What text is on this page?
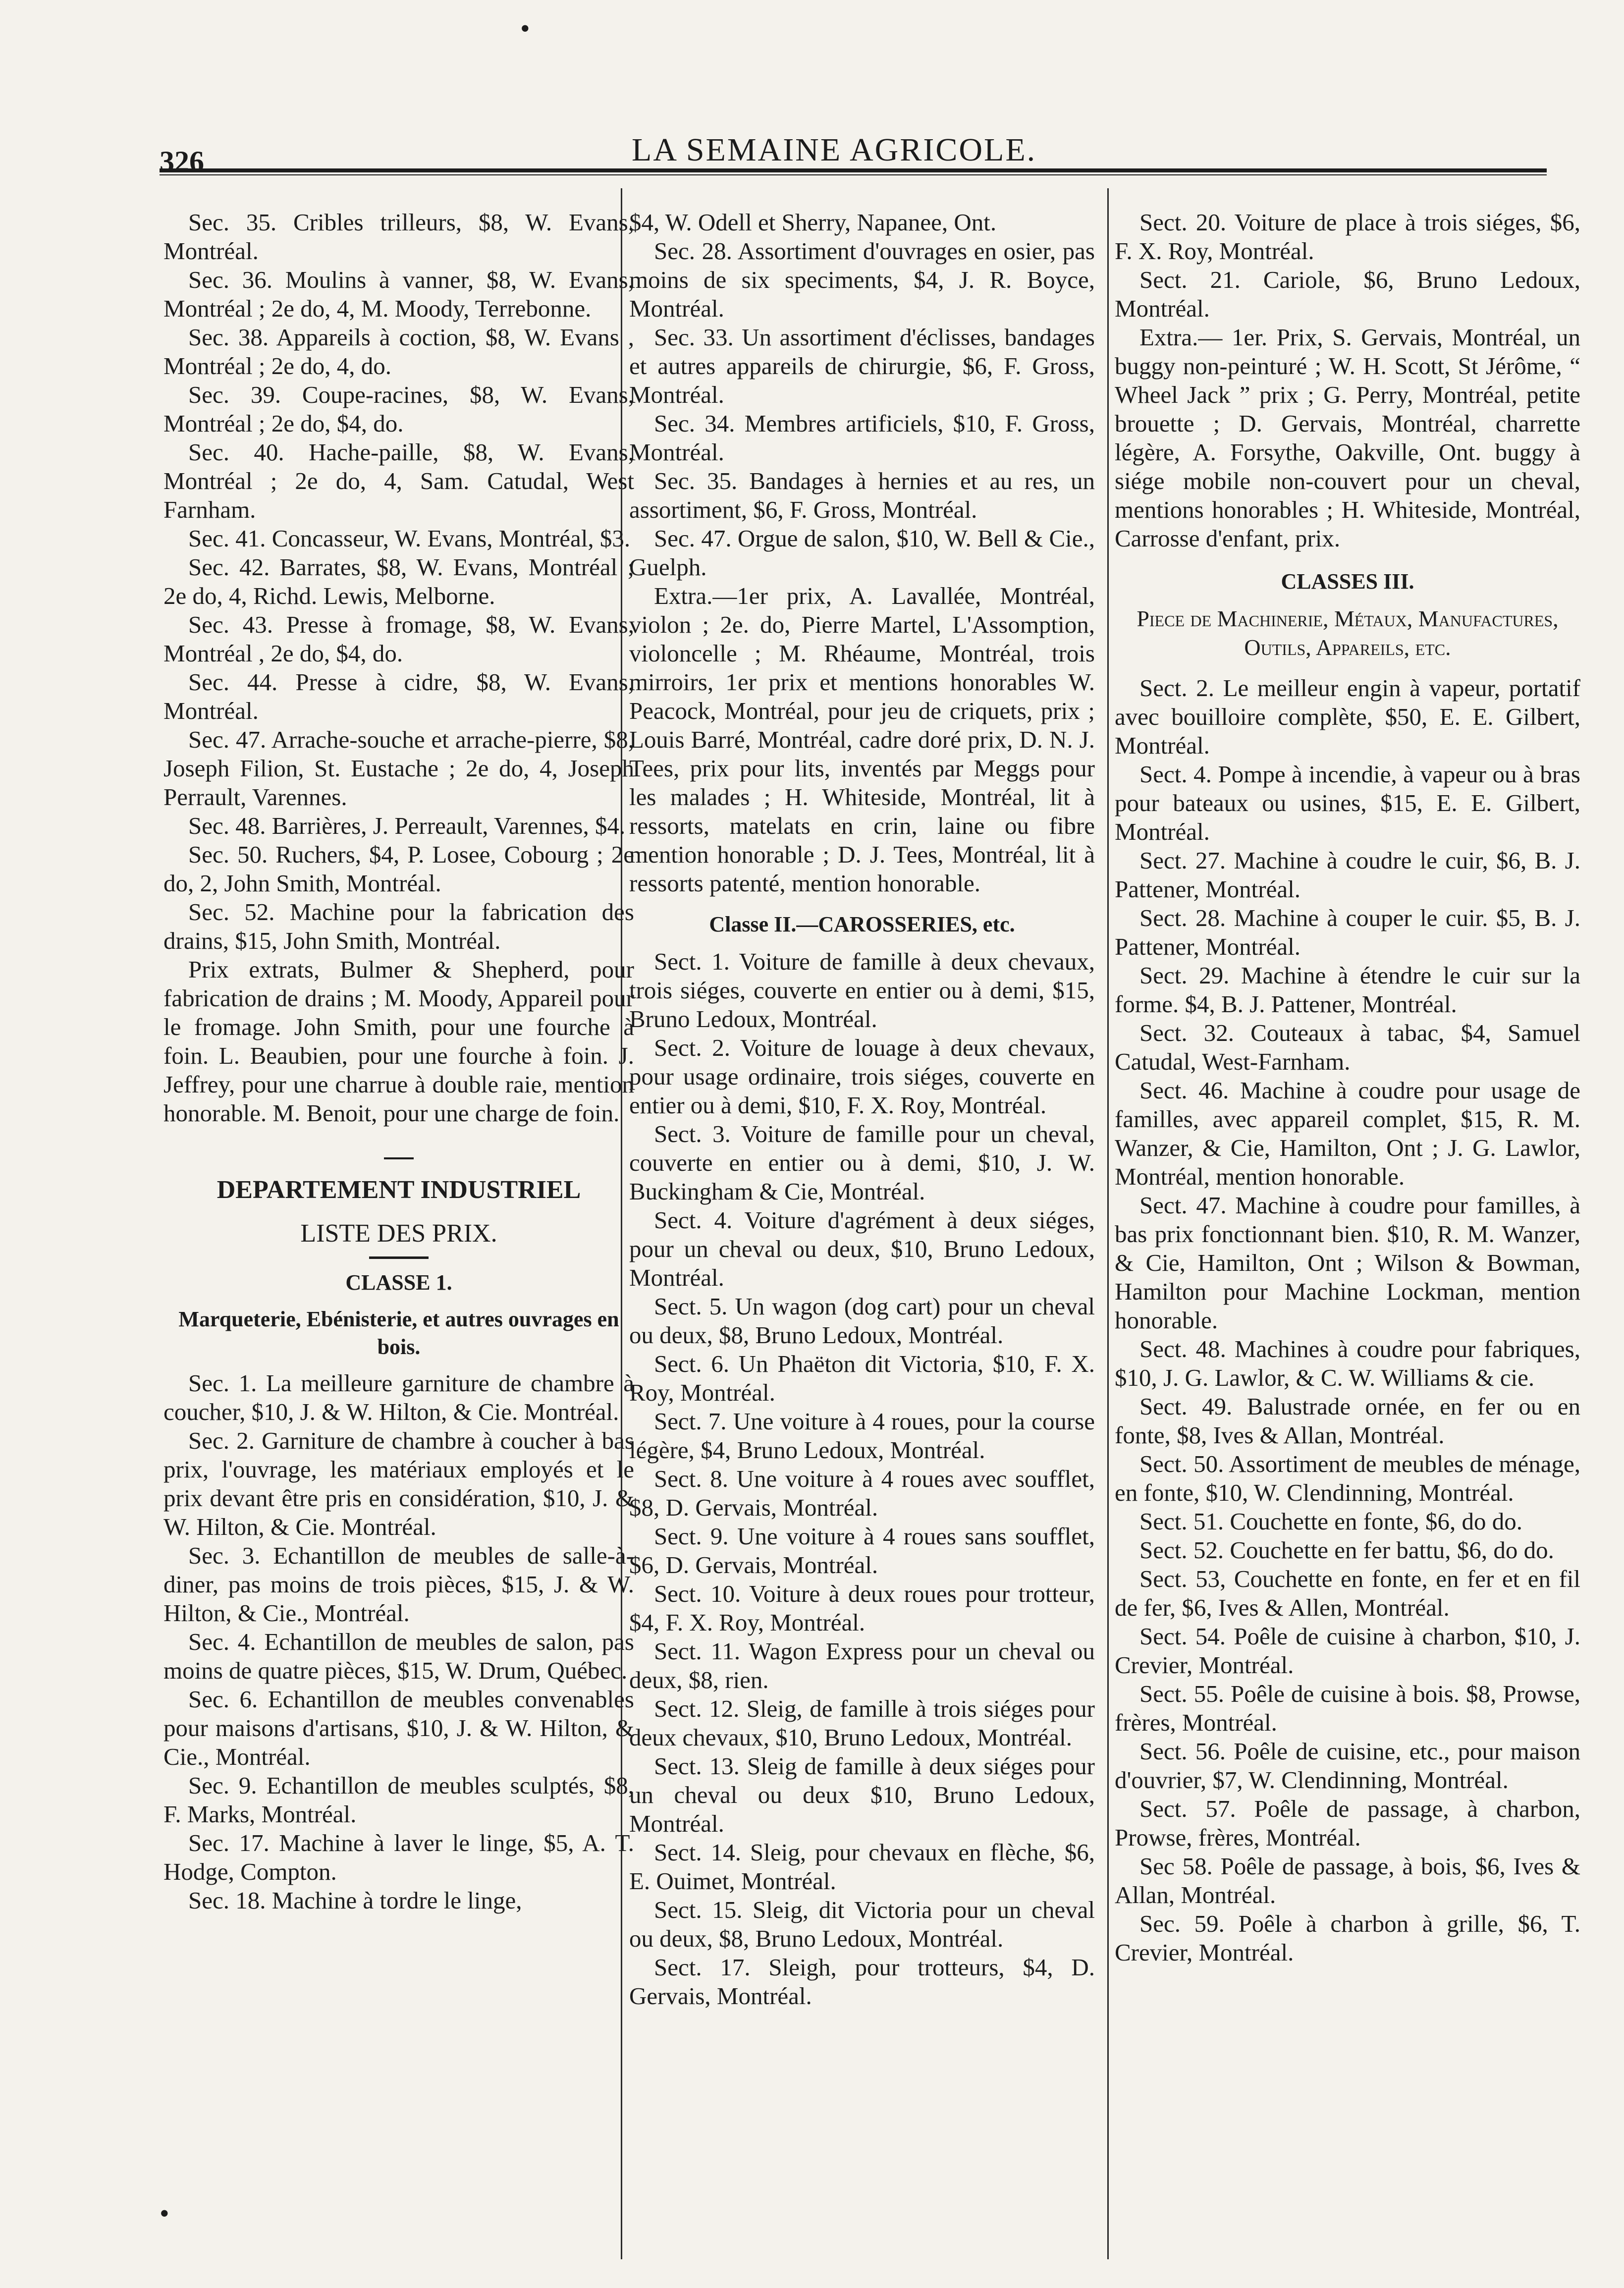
326	LA SEMAINE AGRICOLE.
•
•

Sec. 35. Cribles trilleurs, $8, W. Evans, Montréal.

Sec. 36. Moulins à vanner, $8, W. Evans, Montréal ; 2e do, 4, M. Moody, Terrebonne.

Sec. 38. Appareils à coction, $8, W. Evans , Montréal ; 2e do, 4, do.

Sec. 39. Coupe-racines, $8, W. Evans, Montréal ; 2e do, $4, do.

Sec. 40. Hache-paille, $8, W. Evans, Montréal ; 2e do, 4, Sam. Catudal, West Farnham.

Sec. 41. Concasseur, W. Evans, Montréal, $3.

Sec. 42. Barrates, $8, W. Evans, Montréal ; 2e do, 4, Richd. Lewis, Melborne.

Sec. 43. Presse à fromage, $8, W. Evans, Montréal , 2e do, $4, do.

Sec. 44. Presse à cidre, $8, W. Evans, Montréal.

Sec. 47. Arrache-souche et arrache-pierre, $8, Joseph Filion, St. Eustache ; 2e do, 4, Joseph Perrault, Varennes.

Sec. 48. Barrières, J. Perreault, Varennes, $4.

Sec. 50. Ruchers, $4, P. Losee, Cobourg ; 2e do, 2, John Smith, Montréal.

Sec. 52. Machine pour la fabrication des drains, $15, John Smith, Montréal.

Prix extrats, Bulmer & Shepherd, pour fabrication de drains ; M. Moody, Appareil pour le fromage. John Smith, pour une fourche à foin. L. Beaubien, pour une fourche à foin. J. Jeffrey, pour une charrue à double raie, mention honorable. M. Benoit, pour une charge de foin.

DEPARTEMENT INDUSTRIEL

LISTE DES PRIX.

CLASSE 1.

Marqueterie, Ebénisterie, et autres ouvrages en bois.

Sec. 1. La meilleure garniture de chambre à coucher, $10, J. & W. Hilton, & Cie. Montréal.

Sec. 2. Garniture de chambre à coucher à bas prix, l'ouvrage, les matériaux employés et le prix devant être pris en considération, $10, J. & W. Hilton, & Cie. Montréal.

Sec. 3. Echantillon de meubles de salle-à-diner, pas moins de trois pièces, $15, J. & W. Hilton, & Cie., Montréal.

Sec. 4. Echantillon de meubles de salon, pas moins de quatre pièces, $15, W. Drum, Québec.

Sec. 6. Echantillon de meubles convenables pour maisons d'artisans, $10, J. & W. Hilton, & Cie., Montréal.

Sec. 9. Echantillon de meubles sculptés, $8, F. Marks, Montréal.

Sec. 17. Machine à laver le linge, $5, A. T. Hodge, Compton.

Sec. 18. Machine à tordre le linge,

$4, W. Odell et Sherry, Napanee, Ont.

Sec. 28. Assortiment d'ouvrages en osier, pas moins de six speciments, $4, J. R. Boyce, Montréal.

Sec. 33. Un assortiment d'éclisses, bandages et autres appareils de chirurgie, $6, F. Gross, Montréal.

Sec. 34. Membres artificiels, $10, F. Gross, Montréal.

Sec. 35. Bandages à hernies et au res, un assortiment, $6, F. Gross, Montréal.

Sec. 47. Orgue de salon, $10, W. Bell & Cie., Guelph.

Extra.—1er prix, A. Lavallée, Montréal, violon ; 2e. do, Pierre Martel, L'Assomption, violoncelle ; M. Rhéaume, Montréal, trois mirroirs, 1er prix et mentions honorables W. Peacock, Montréal, pour jeu de criquets, prix ; Louis Barré, Montréal, cadre doré prix, D. N. J. Tees, prix pour lits, inventés par Meggs pour les malades ; H. Whiteside, Montréal, lit à ressorts, matelats en crin, laine ou fibre mention honorable ; D. J. Tees, Montréal, lit à ressorts patenté, mention honorable.

Classe II.—CAROSSERIES, etc.

Sect. 1. Voiture de famille à deux chevaux, trois siéges, couverte en entier ou à demi, $15, Bruno Ledoux, Montréal.

Sect. 2. Voiture de louage à deux chevaux, pour usage ordinaire, trois siéges, couverte en entier ou à demi, $10, F. X. Roy, Montréal.

Sect. 3. Voiture de famille pour un cheval, couverte en entier ou à demi, $10, J. W. Buckingham & Cie, Montréal.

Sect. 4. Voiture d'agrément à deux siéges, pour un cheval ou deux, $10, Bruno Ledoux, Montréal.

Sect. 5. Un wagon (dog cart) pour un cheval ou deux, $8, Bruno Ledoux, Montréal.

Sect. 6. Un Phaëton dit Victoria, $10, F. X. Roy, Montréal.

Sect. 7. Une voiture à 4 roues, pour la course légère, $4, Bruno Ledoux, Montréal.

Sect. 8. Une voiture à 4 roues avec soufflet, $8, D. Gervais, Montréal.

Sect. 9. Une voiture à 4 roues sans soufflet, $6, D. Gervais, Montréal.

Sect. 10. Voiture à deux roues pour trotteur, $4, F. X. Roy, Montréal.

Sect. 11. Wagon Express pour un cheval ou deux, $8, rien.

Sect. 12. Sleig, de famille à trois siéges pour deux chevaux, $10, Bruno Ledoux, Montréal.

Sect. 13. Sleig de famille à deux siéges pour un cheval ou deux $10, Bruno Ledoux, Montréal.

Sect. 14. Sleig, pour chevaux en flèche, $6, E. Ouimet, Montréal.

Sect. 15. Sleig, dit Victoria pour un cheval ou deux, $8, Bruno Ledoux, Montréal.

Sect. 17. Sleigh, pour trotteurs, $4, D. Gervais, Montréal.

Sect. 20. Voiture de place à trois siéges, $6, F. X. Roy, Montréal.

Sect. 21. Cariole, $6, Bruno Ledoux, Montréal.

Extra.— 1er. Prix, S. Gervais, Montréal, un buggy non-peinturé ; W. H. Scott, St Jérôme, “ Wheel Jack ” prix ; G. Perry, Montréal, petite brouette ; D. Gervais, Montréal, charrette légère, A. Forsythe, Oakville, Ont. buggy à siége mobile non-couvert pour un cheval, mentions honorables ; H. Whiteside, Montréal, Carrosse d'enfant, prix.

CLASSES III.

Piece de Machinerie, Métaux, Manufactures, Outils, Appareils, etc.

Sect. 2. Le meilleur engin à vapeur, portatif avec bouilloire complète, $50, E. E. Gilbert, Montréal.

Sect. 4. Pompe à incendie, à vapeur ou à bras pour bateaux ou usines, $15, E. E. Gilbert, Montréal.

Sect. 27. Machine à coudre le cuir, $6, B. J. Pattener, Montréal.

Sect. 28. Machine à couper le cuir. $5, B. J. Pattener, Montréal.

Sect. 29. Machine à étendre le cuir sur la forme. $4, B. J. Pattener, Montréal.

Sect. 32. Couteaux à tabac, $4, Samuel Catudal, West-Farnham.

Sect. 46. Machine à coudre pour usage de familles, avec appareil complet, $15, R. M. Wanzer, & Cie, Hamilton, Ont ; J. G. Lawlor, Montréal, mention honorable.

Sect. 47. Machine à coudre pour familles, à bas prix fonctionnant bien. $10, R. M. Wanzer, & Cie, Hamilton, Ont ; Wilson & Bowman, Hamilton pour Machine Lockman, mention honorable.

Sect. 48. Machines à coudre pour fabriques, $10, J. G. Lawlor, & C. W. Williams & cie.

Sect. 49. Balustrade ornée, en fer ou en fonte, $8, Ives & Allan, Montréal.

Sect. 50. Assortiment de meubles de ménage, en fonte, $10, W. Clendinning, Montréal.

Sect. 51. Couchette en fonte, $6, do do.

Sect. 52. Couchette en fer battu, $6, do do.

Sect. 53, Couchette en fonte, en fer et en fil de fer, $6, Ives & Allen, Montréal.

Sect. 54. Poêle de cuisine à charbon, $10, J. Crevier, Montréal.

Sect. 55. Poêle de cuisine à bois. $8, Prowse, frères, Montréal.

Sect. 56. Poêle de cuisine, etc., pour maison d'ouvrier, $7, W. Clendinning, Montréal.

Sect. 57. Poêle de passage, à charbon, Prowse, frères, Montréal.

Sec 58. Poêle de passage, à bois, $6, Ives & Allan, Montréal.

Sec. 59. Poêle à charbon à grille, $6, T. Crevier, Montréal.
